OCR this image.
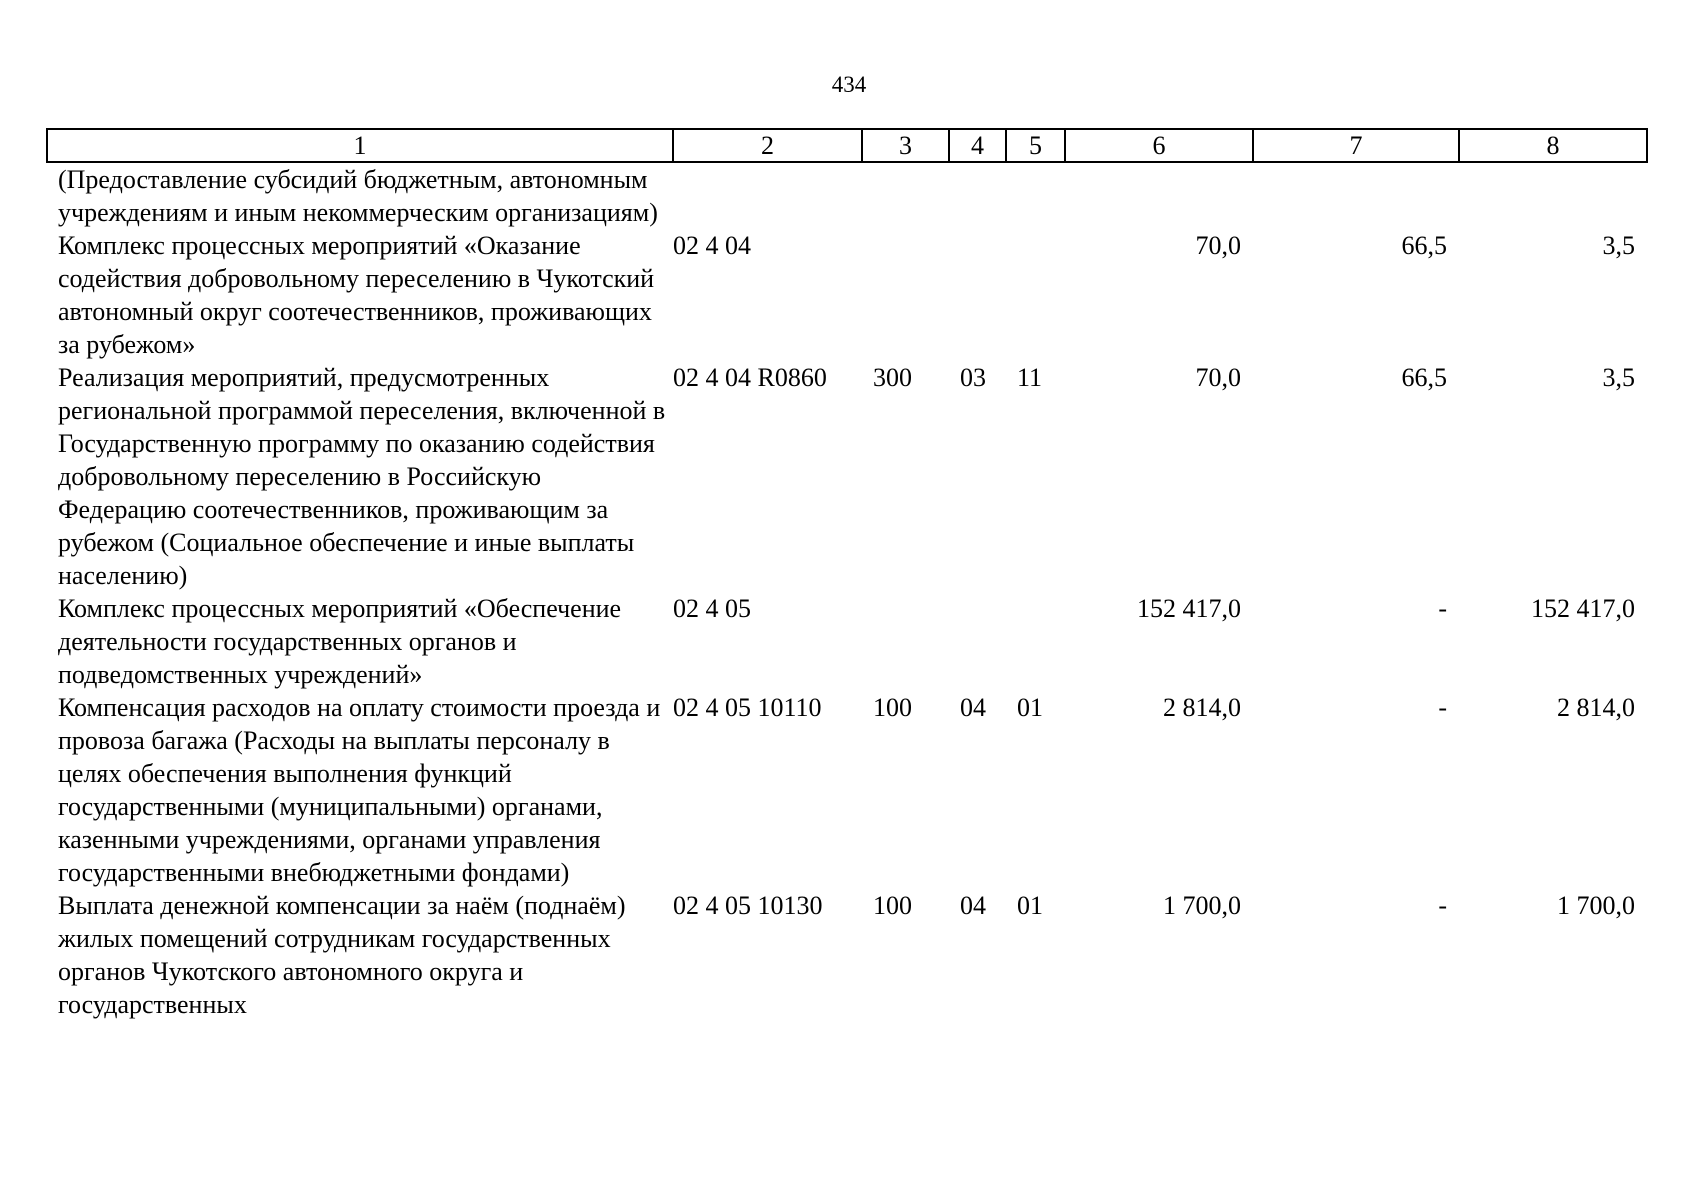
434
1	2	3	4	5	6	7	8
(Предоставление субсидий бюджетным, автономным учреждениям и иным некоммерческим организациям)							
Комплекс процессных мероприятий «Оказание содействия добровольному переселению в Чукотский автономный округ соотечественников, проживающих за рубежом»	02 4 04				70,0	66,5	3,5
Реализация мероприятий, предусмотренных региональной программой переселения, включенной в Государственную программу по оказанию содействия добровольному переселению в Российскую Федерацию соотечественников, проживающим за рубежом (Социальное обеспечение и иные выплаты населению)	02 4 04 R0860	300	03	11	70,0	66,5	3,5
Комплекс процессных мероприятий «Обеспечение деятельности государственных органов и подведомственных учреждений»	02 4 05				152 417,0	-	152 417,0
Компенсация расходов на оплату стоимости проезда и провоза багажа (Расходы на выплаты персоналу в целях обеспечения выполнения функций государственными (муниципальными) органами, казенными учреждениями, органами управления государственными внебюджетными фондами)	02 4 05 10110	100	04	01	2 814,0	-	2 814,0
Выплата денежной компенсации за наём (поднаём) жилых помещений сотрудникам государственных органов Чукотского автономного округа и государственных	02 4 05 10130	100	04	01	1 700,0	-	1 700,0
